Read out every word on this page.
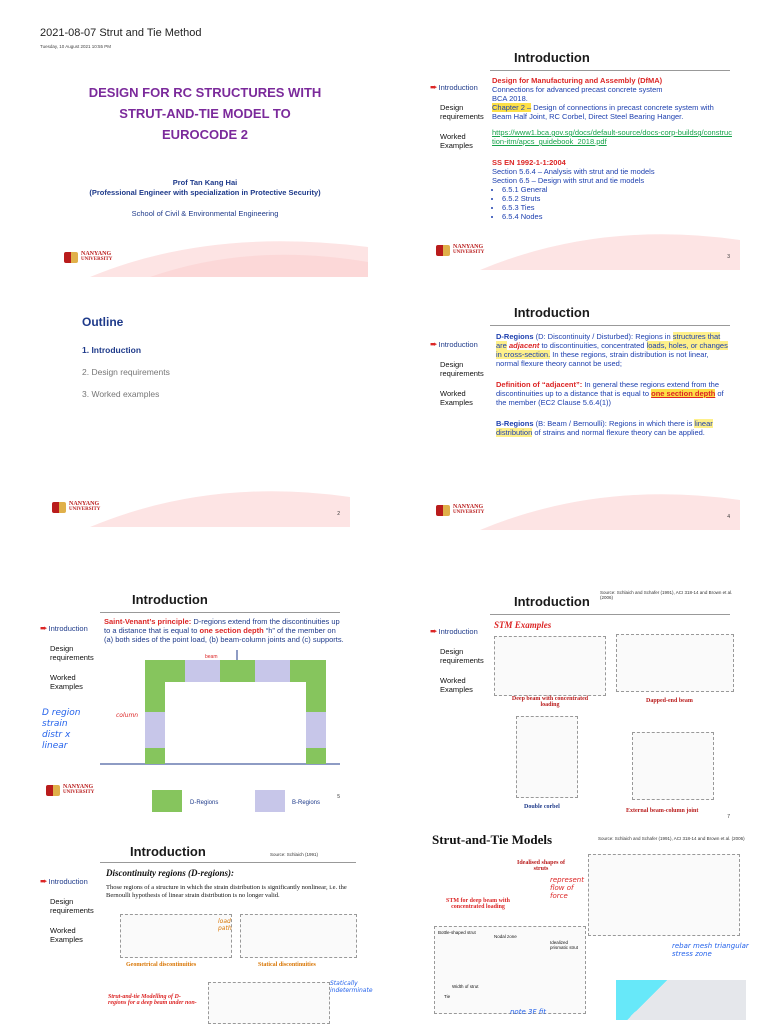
2021-08-07 Strut and Tie Method
Tuesday, 10 August 2021 10:55 PM
DESIGN FOR RC STRUCTURES WITH STRUT-AND-TIE MODEL TO EUROCODE 2
Prof Tan Kang Hai
(Professional Engineer with specialization in Protective Security)
School of Civil & Environmental Engineering
NANYANG
UNIVERSITY
Introduction
➨ Introduction
Design requirements
Worked Examples
Design for Manufacturing and Assembly (DfMA)
Connections for advanced precast concrete system
BCA 2018.
Chapter 2 – Design of connections in precast concrete system with Beam Half Joint, RC Corbel, Direct Steel Bearing Hanger.
https://www1.bca.gov.sg/docs/default-source/docs-corp-buildsg/construction-itm/apcs_guidebook_2018.pdf
SS EN 1992-1-1:2004
Section 5.6.4 – Analysis with strut and tie models
Section 6.5 – Design with strut and tie models
• 6.5.1 General
• 6.5.2 Struts
• 6.5.3 Ties
• 6.5.4 Nodes
NANYANG
UNIVERSITY
3
Outline
1. Introduction
2. Design requirements
3. Worked examples
NANYANG
UNIVERSITY
2
Introduction
➨ Introduction
Design requirements
Worked Examples
D-Regions (D: Discontinuity / Disturbed): Regions in structures that are adjacent to discontinuities, concentrated loads, holes, or changes in cross-section. In these regions, strain distribution is not linear, normal flexure theory cannot be used;
Definition of “adjacent”: In general these regions extend from the discontinuities up to a distance that is equal to one section depth of the member (EC2 Clause 5.6.4(1))
B-Regions (B: Beam / Bernoulli): Regions in which there is linear distribution of strains and normal flexure theory can be applied.
NANYANG
UNIVERSITY
4
Introduction
➨ Introduction
Design requirements
Worked Examples
D region strain distr x linear
column
Saint-Venant’s principle: D-regions extend from the discontinuities up to a distance that is equal to one section depth “h” of the member on (a) both sides of the point load, (b) beam-column joints and (c) supports.
beam
D-Regions	B-Regions
NANYANG
UNIVERSITY
5
Introduction
Source: Schlaich and Schafer (1991), ACI 318-14 and Brown et al. (2006)
➨ Introduction
Design requirements
Worked Examples
STM Examples
Deep beam with concentrated loading
Dapped-end beam
Double corbel
External beam-column joint
7
Introduction	Source: Schlaich (1991)
➨ Introduction
Design requirements
Worked Examples
Discontinuity regions (D-regions):
Those regions of a structure in which the strain distribution is significantly nonlinear, i.e. the Bernoulli hypothesis of linear strain distribution is no longer valid.
Geometrical discontinuities	Statical discontinuities
load path
Statically indeterminate
Strut-and-tie Modelling of D-regions for a deep beam under non-
Strut-and-Tie Models	Source: Schlaich and Schafer (1991), ACI 318-14 and Brown et al. (2006)
Idealised shapes of struts
represent flow of force
STM for deep beam with concentrated loading
Bottle-shaped strut
Nodal zone
Idealized prismatic strut
Width of strut
Tie
rebar mesh triangular stress zone
note 3F fit
